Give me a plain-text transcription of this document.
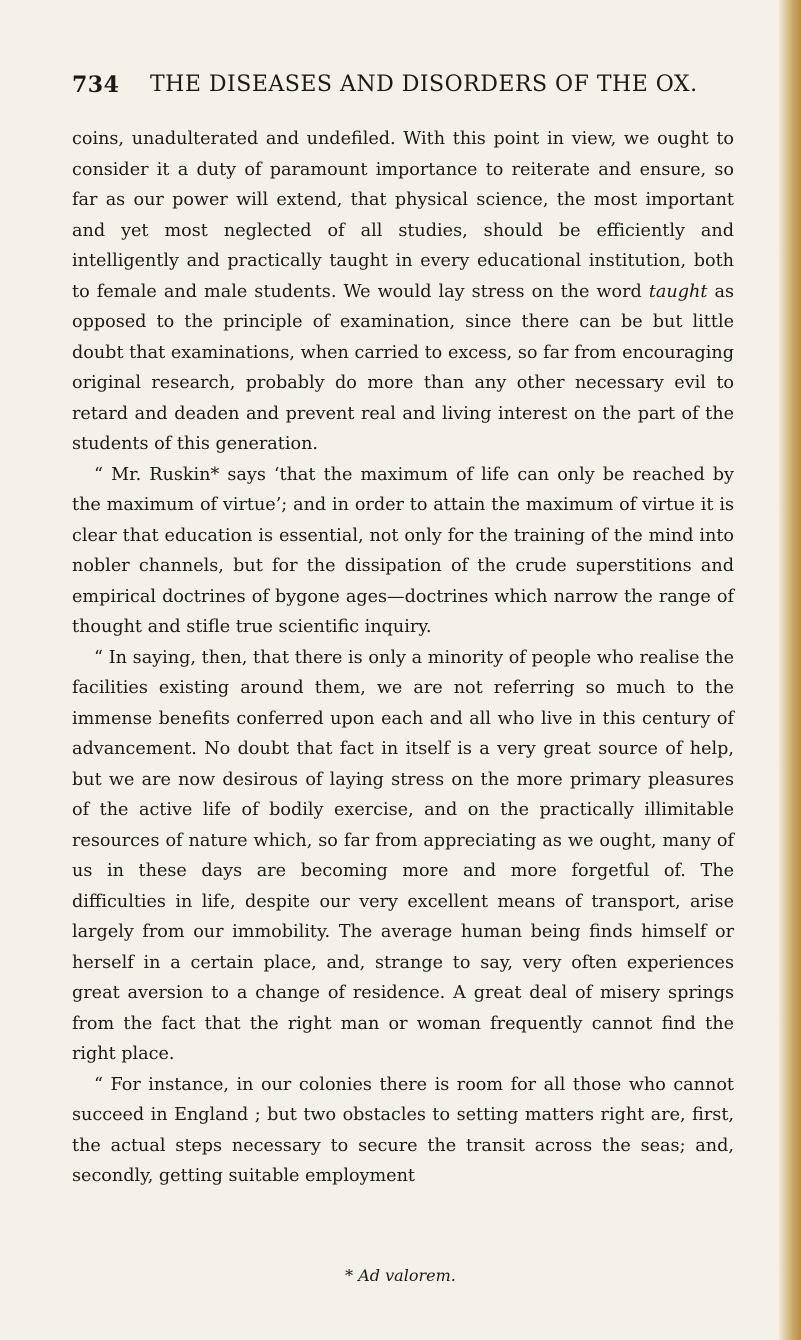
734 THE DISEASES AND DISORDERS OF THE OX.

coins, unadulterated and undefiled. With this point in view, we ought to consider it a duty of paramount importance to reiterate and ensure, so far as our power will extend, that physical science, the most important and yet most neglected of all studies, should be efficiently and intelligently and practically taught in every educational institution, both to female and male students. We would lay stress on the word taught as opposed to the principle of examination, since there can be but little doubt that examinations, when carried to excess, so far from encouraging original research, probably do more than any other necessary evil to retard and deaden and prevent real and living interest on the part of the students of this generation.

“ Mr. Ruskin* says ‘that the maximum of life can only be reached by the maximum of virtue’; and in order to attain the maximum of virtue it is clear that education is essential, not only for the training of the mind into nobler channels, but for the dissipation of the crude superstitions and empirical doctrines of bygone ages—doctrines which narrow the range of thought and stifle true scientific inquiry.

“ In saying, then, that there is only a minority of people who realise the facilities existing around them, we are not referring so much to the immense benefits conferred upon each and all who live in this century of advancement. No doubt that fact in itself is a very great source of help, but we are now desirous of laying stress on the more primary pleasures of the active life of bodily exercise, and on the practically illimitable resources of nature which, so far from appreciating as we ought, many of us in these days are becoming more and more forgetful of. The difficulties in life, despite our very excellent means of transport, arise largely from our immobility. The average human being finds himself or herself in a certain place, and, strange to say, very often experiences great aversion to a change of residence. A great deal of misery springs from the fact that the right man or woman frequently cannot find the right place.

“ For instance, in our colonies there is room for all those who cannot succeed in England ; but two obstacles to setting matters right are, first, the actual steps necessary to secure the transit across the seas; and, secondly, getting suitable employment

* Ad valorem.
